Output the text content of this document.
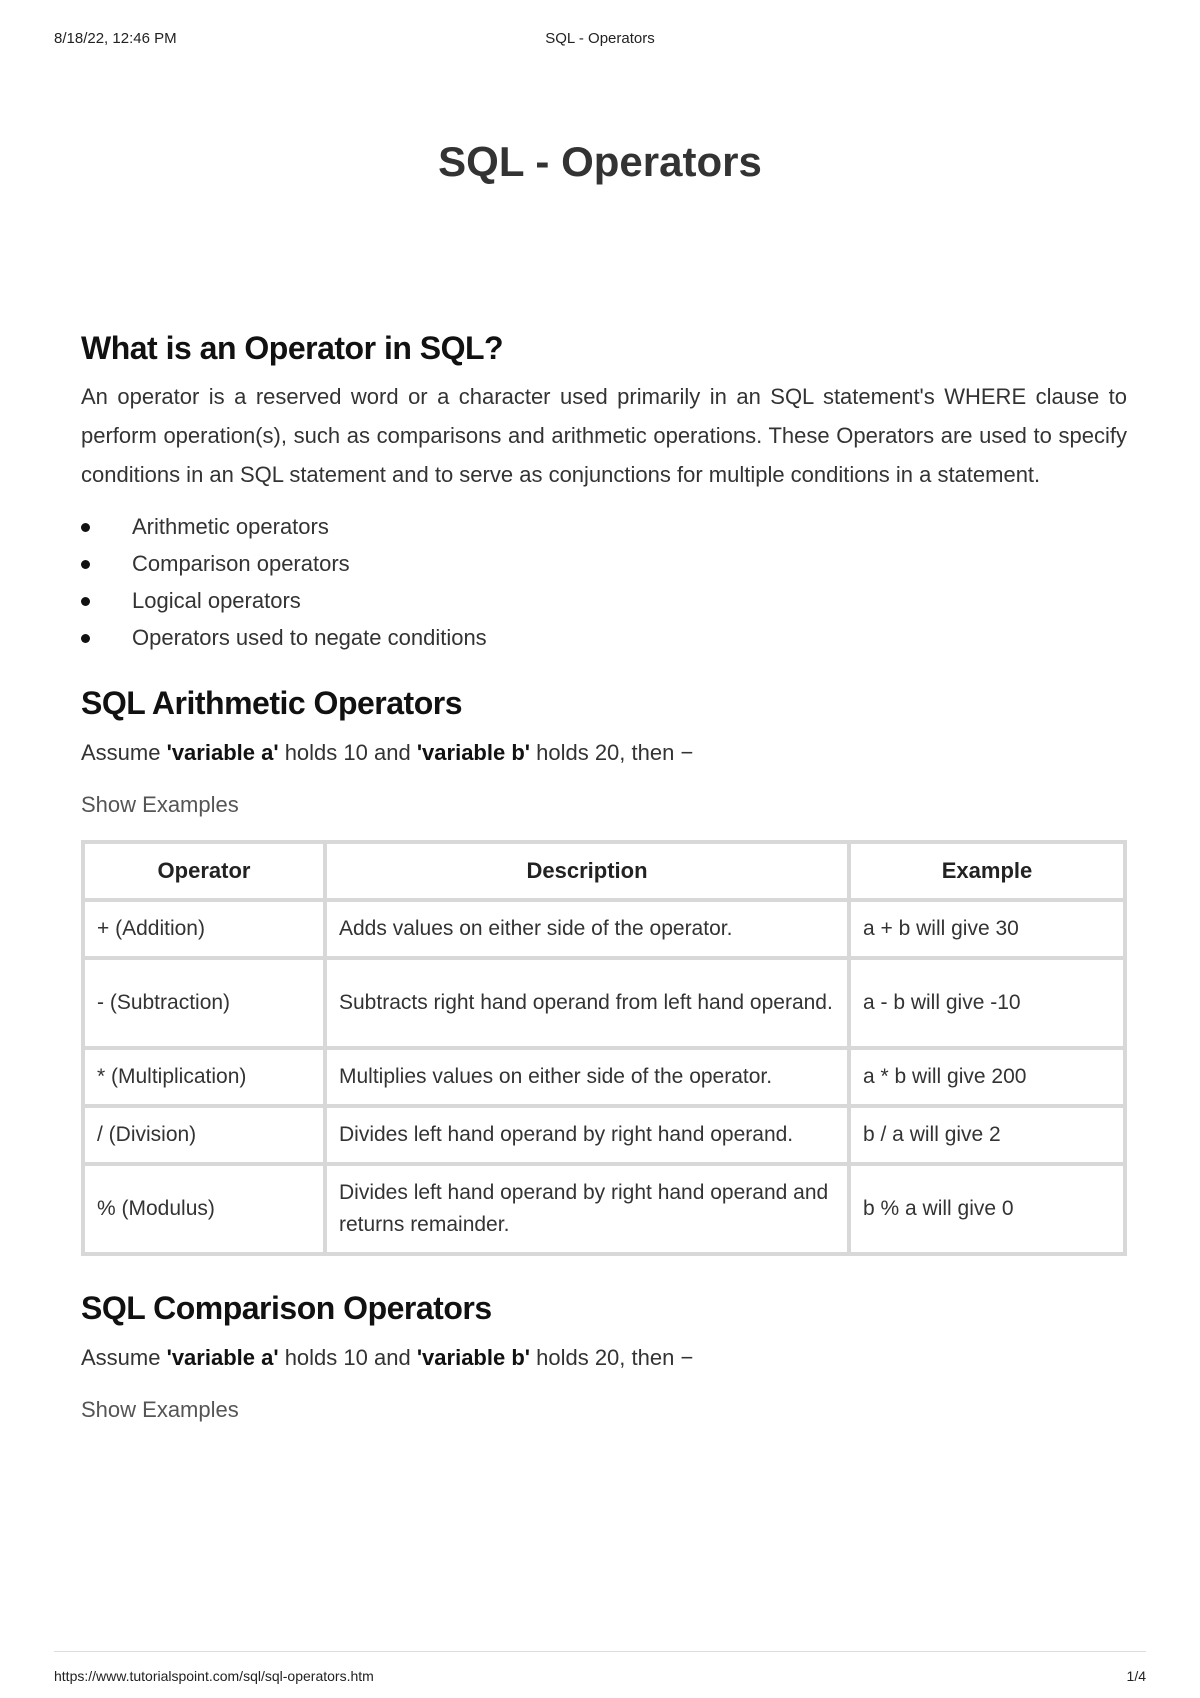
8/18/22, 12:46 PM	SQL - Operators
SQL - Operators
What is an Operator in SQL?

An operator is a reserved word or a character used primarily in an SQL statement's WHERE clause to perform operation(s), such as comparisons and arithmetic operations. These Operators are used to specify conditions in an SQL statement and to serve as conjunctions for multiple conditions in a statement.

Arithmetic operators
Comparison operators
Logical operators
Operators used to negate conditions
SQL Arithmetic Operators

Assume 'variable a' holds 10 and 'variable b' holds 20, then −

Show Examples
Operator	Description	Example
+ (Addition)	Adds values on either side of the operator.	a + b will give 30
- (Subtraction)	Subtracts right hand operand from left hand operand.	a - b will give -10
* (Multiplication)	Multiplies values on either side of the operator.	a * b will give 200
/ (Division)	Divides left hand operand by right hand operand.	b / a will give 2
% (Modulus)	Divides left hand operand by right hand operand and returns remainder.	b % a will give 0
SQL Comparison Operators

Assume 'variable a' holds 10 and 'variable b' holds 20, then −

Show Examples
https://www.tutorialspoint.com/sql/sql-operators.htm	1/4
